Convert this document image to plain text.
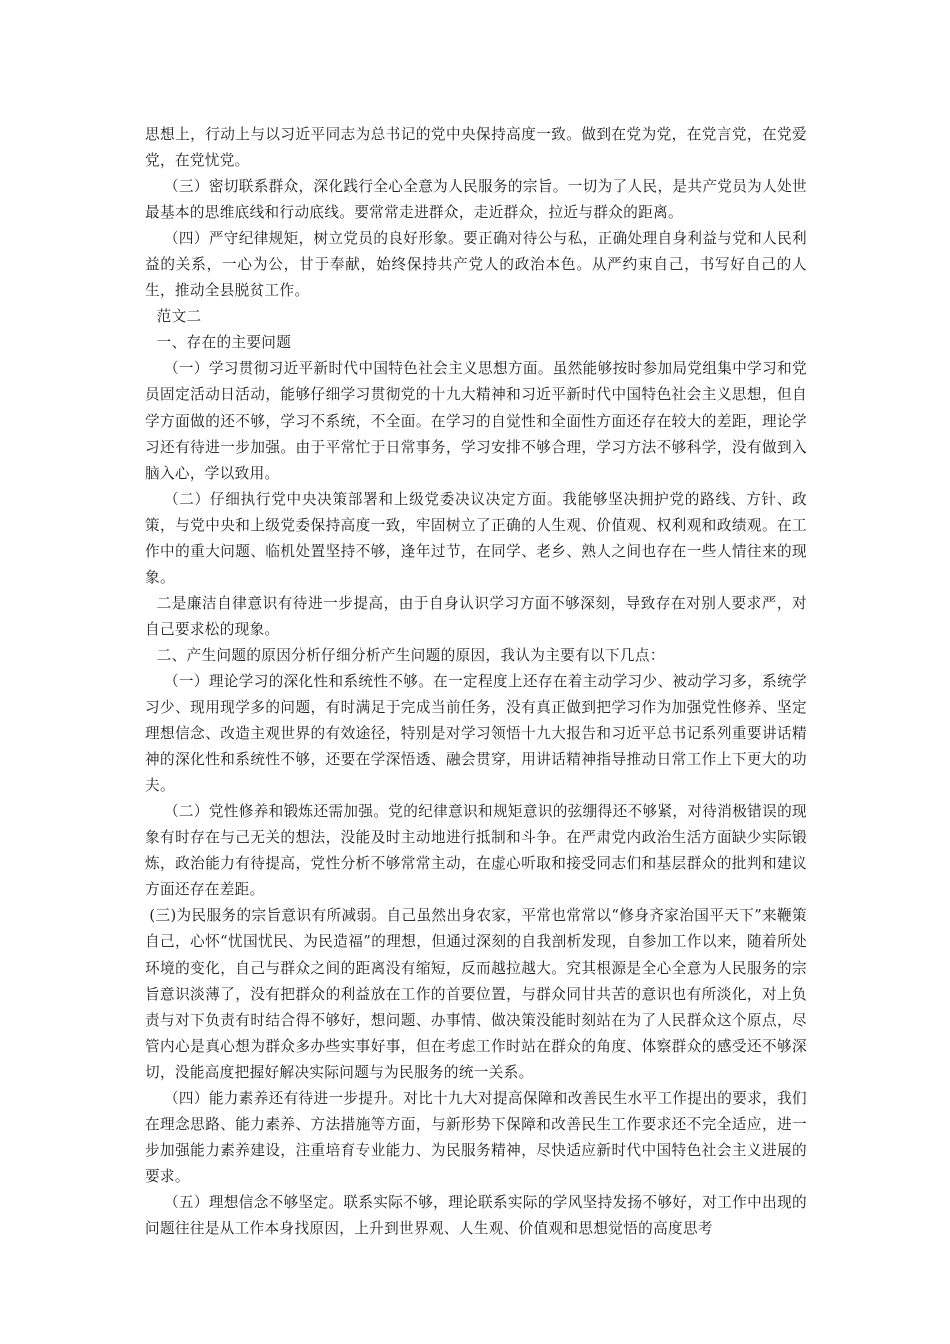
思想上，行动上与以习近平同志为总书记的党中央保持高度一致。做到在党为党，在党言党，在党爱党，在党忧党。

（三）密切联系群众，深化践行全心全意为人民服务的宗旨。一切为了人民，是共产党员为人处世最基本的思维底线和行动底线。要常常走进群众，走近群众，拉近与群众的距离。

（四）严守纪律规矩，树立党员的良好形象。要正确对待公与私，正确处理自身利益与党和人民利益的关系，一心为公，甘于奉献，始终保持共产党人的政治本色。从严约束自己，书写好自己的人生，推动全县脱贫工作。

范文二

一、存在的主要问题

（一）学习贯彻习近平新时代中国特色社会主义思想方面。虽然能够按时参加局党组集中学习和党员固定活动日活动，能够仔细学习贯彻党的十九大精神和习近平新时代中国特色社会主义思想，但自学方面做的还不够，学习不系统，不全面。在学习的自觉性和全面性方面还存在较大的差距，理论学习还有待进一步加强。由于平常忙于日常事务，学习安排不够合理，学习方法不够科学，没有做到入脑入心，学以致用。

（二）仔细执行党中央决策部署和上级党委决议决定方面。我能够坚决拥护党的路线、方针、政策，与党中央和上级党委保持高度一致，牢固树立了正确的人生观、价值观、权利观和政绩观。在工作中的重大问题、临机处置坚持不够，逢年过节，在同学、老乡、熟人之间也存在一些人情往来的现象。

二是廉洁自律意识有待进一步提高，由于自身认识学习方面不够深刻，导致存在对别人要求严，对自己要求松的现象。

二、产生问题的原因分析仔细分析产生问题的原因，我认为主要有以下几点：

（一）理论学习的深化性和系统性不够。在一定程度上还存在着主动学习少、被动学习多，系统学习少、现用现学多的问题，有时满足于完成当前任务，没有真正做到把学习作为加强党性修养、坚定理想信念、改造主观世界的有效途径，特别是对学习领悟十九大报告和习近平总书记系列重要讲话精神的深化性和系统性不够，还要在学深悟透、融会贯穿，用讲话精神指导推动日常工作上下更大的功夫。

（二）党性修养和锻炼还需加强。党的纪律意识和规矩意识的弦绷得还不够紧，对待消极错误的现象有时存在与己无关的想法，没能及时主动地进行抵制和斗争。在严肃党内政治生活方面缺少实际锻炼，政治能力有待提高，党性分析不够常常主动，在虚心听取和接受同志们和基层群众的批判和建议方面还存在差距。

(三)为民服务的宗旨意识有所减弱。自己虽然出身农家，平常也常常以“修身齐家治国平天下”来鞭策自己，心怀“忧国忧民、为民造福”的理想，但通过深刻的自我剖析发现，自参加工作以来，随着所处环境的变化，自己与群众之间的距离没有缩短，反而越拉越大。究其根源是全心全意为人民服务的宗旨意识淡薄了，没有把群众的利益放在工作的首要位置，与群众同甘共苦的意识也有所淡化，对上负责与对下负责有时结合得不够好，想问题、办事情、做决策没能时刻站在为了人民群众这个原点，尽管内心是真心想为群众多办些实事好事，但在考虑工作时站在群众的角度、体察群众的感受还不够深切，没能高度把握好解决实际问题与为民服务的统一关系。

（四）能力素养还有待进一步提升。对比十九大对提高保障和改善民生水平工作提出的要求，我们在理念思路、能力素养、方法措施等方面，与新形势下保障和改善民生工作要求还不完全适应，进一步加强能力素养建设，注重培育专业能力、为民服务精神，尽快适应新时代中国特色社会主义进展的要求。

（五）理想信念不够坚定。联系实际不够，理论联系实际的学风坚持发扬不够好，对工作中出现的问题往往是从工作本身找原因，上升到世界观、人生观、价值观和思想觉悟的高度思考
